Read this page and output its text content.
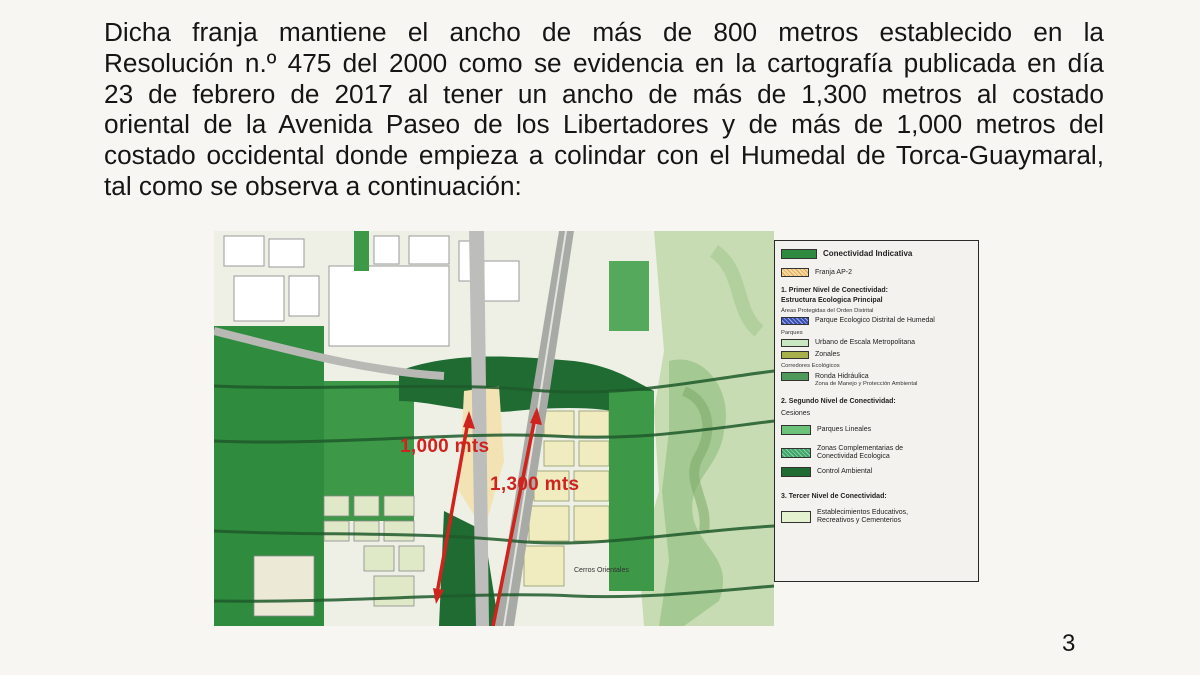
Dicha franja mantiene el ancho de más de 800 metros establecido en la
Resolución n.º 475 del 2000 como se evidencia en la cartografía publicada en día
23 de febrero de 2017 al tener un ancho de más de 1,300 metros al costado
oriental de la Avenida Paseo de los Libertadores y de más de 1,000 metros del
costado occidental donde empieza a colindar con el Humedal de Torca-Guaymaral,
tal como se observa a continuación:

1,000 mts
1,300 mts
Cerros Orientales
Conectividad Indicativa
Franja AP-2
1. Primer Nivel de Conectividad:
Estructura Ecologica Principal
Áreas Protegidas del Orden Distrital
Parque Ecologico Distrital de Humedal
Parques
Urbano de Escala Metropolitana
Zonales
Corredores Ecológicos
Ronda Hidráulica
Zona de Manejo y Protección Ambiental
2. Segundo Nivel de Conectividad:
Cesiones
Parques Lineales
Zonas Complementarias de
Conectividad Ecologica
Control Ambiental
3. Tercer Nivel de Conectividad:
Establecimientos Educativos,
Recreativos y Cementerios
3
